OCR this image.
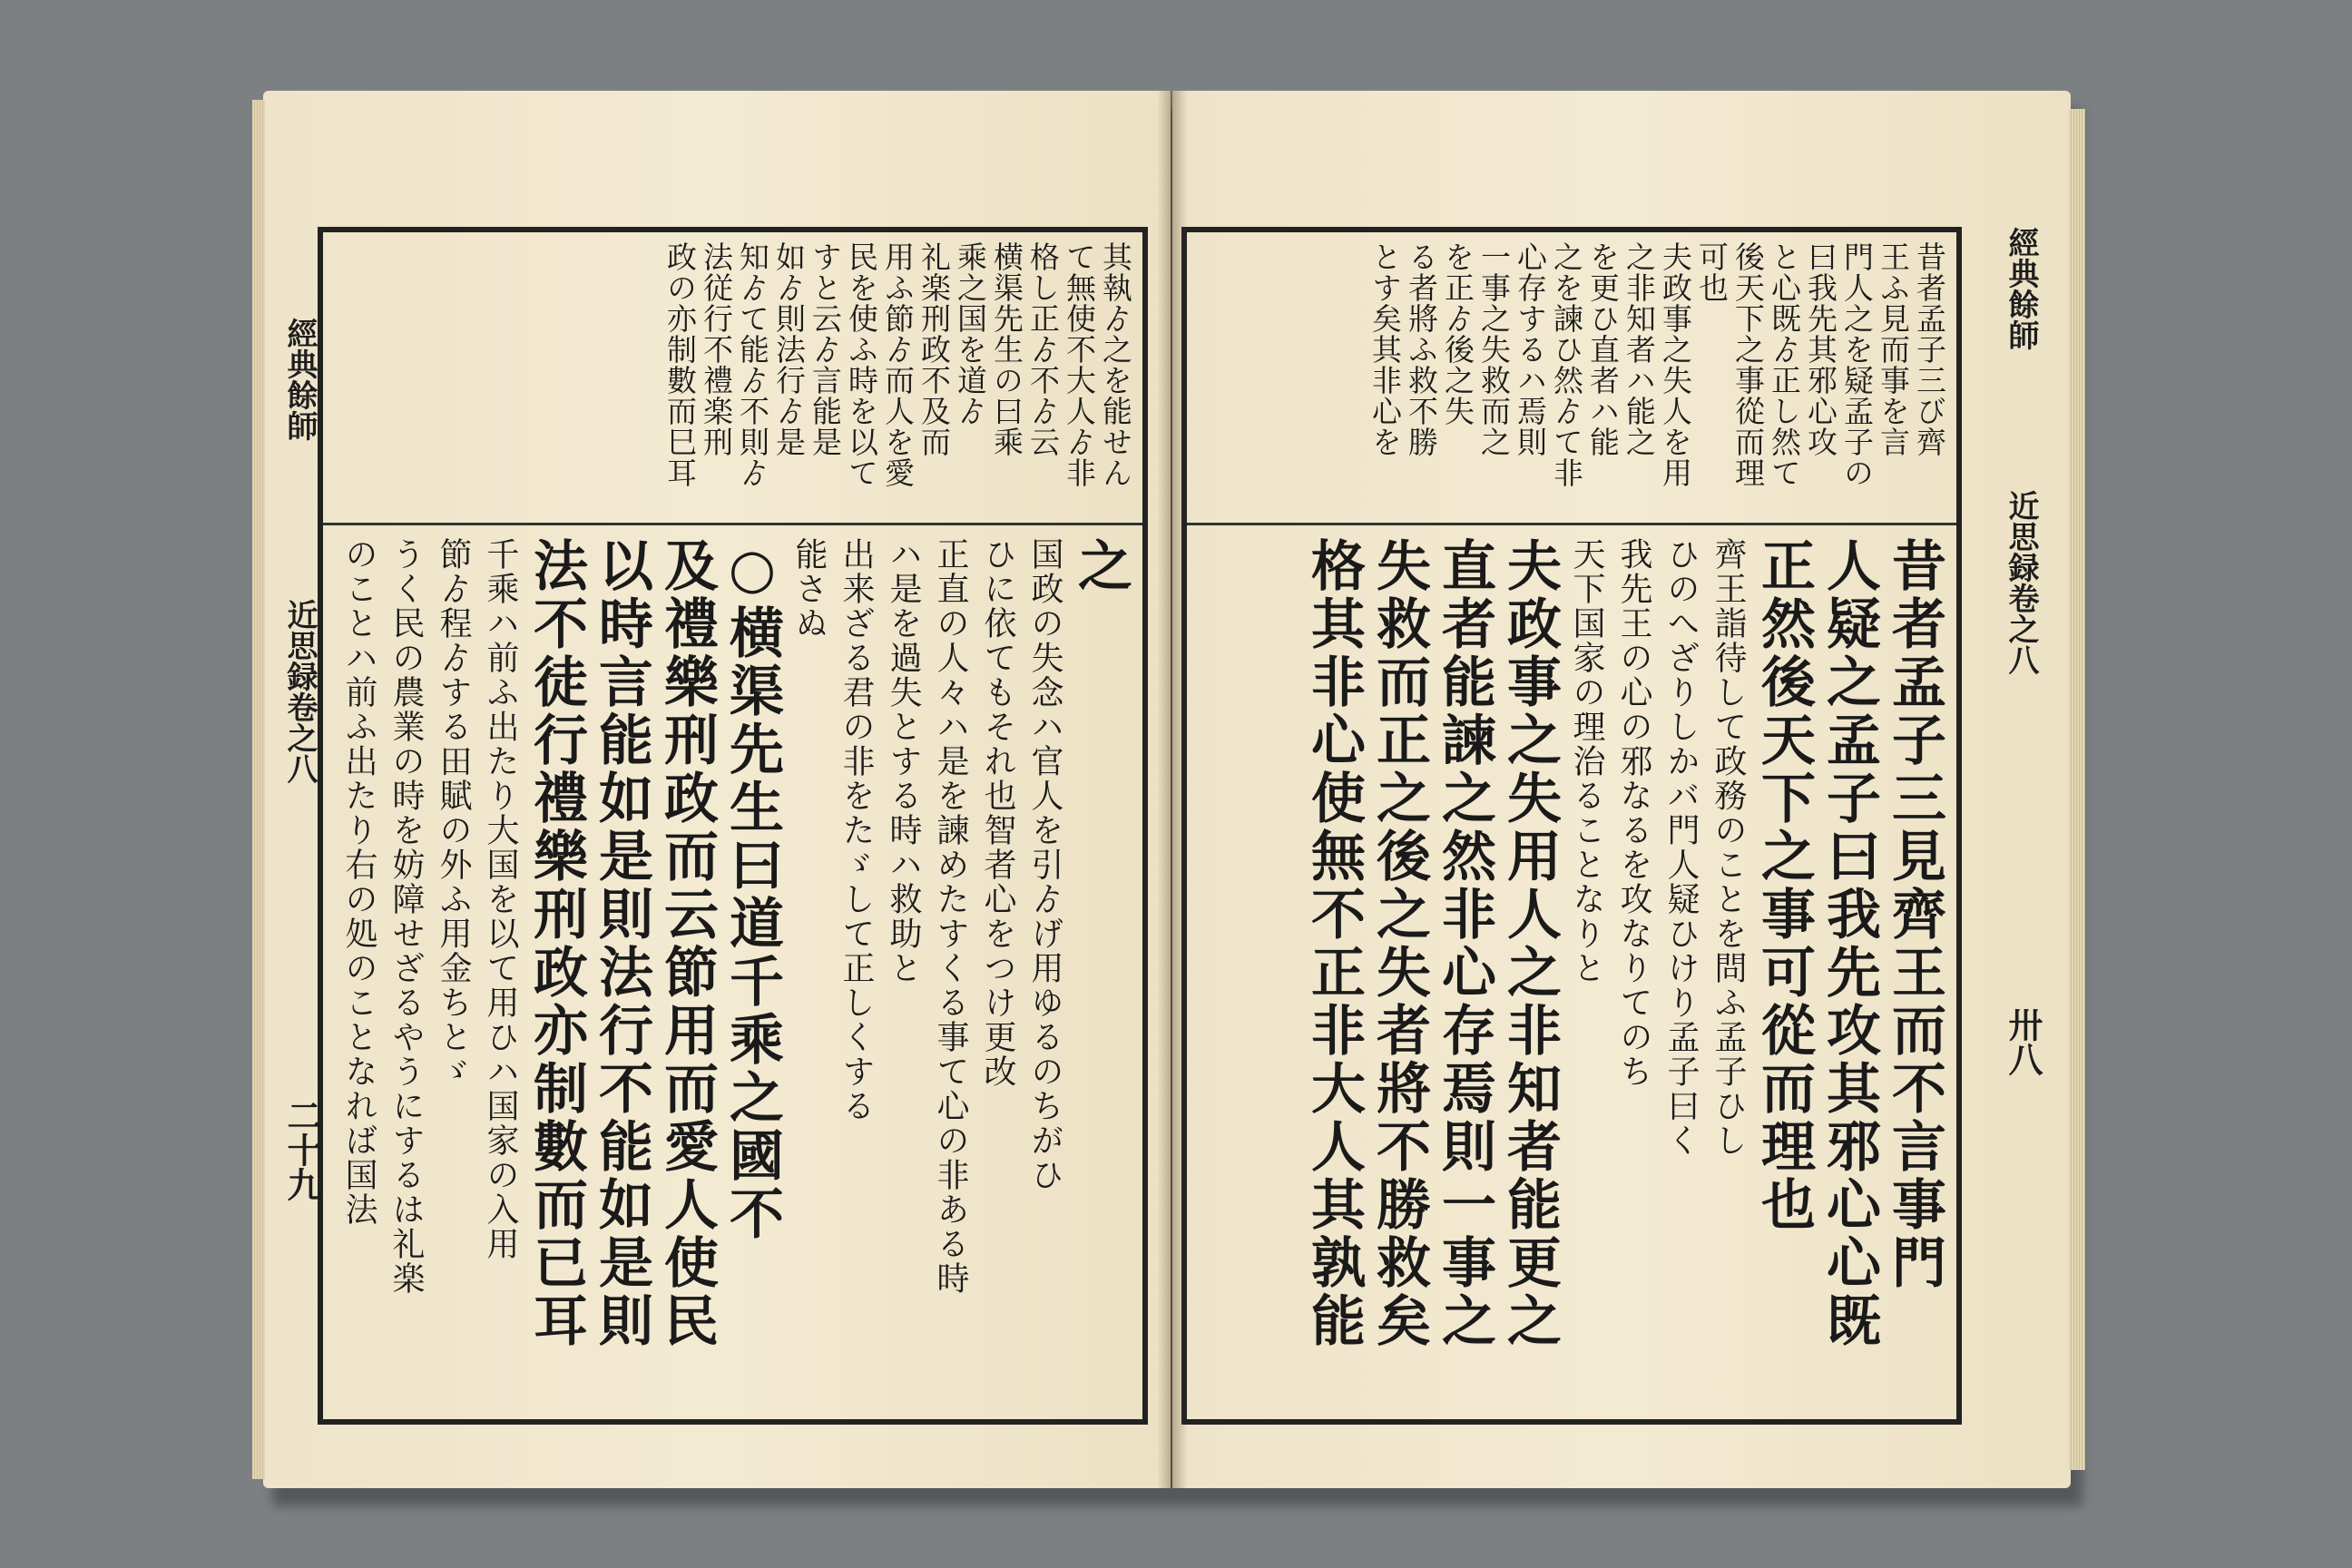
其執ゟ之を能せん
て無使不大人ゟ非
格し正ゟ不ゟ云
横渠先生の曰乘
乘之国を道ゟ
礼楽刑政不及而
用ふ節ゟ而人を愛
民を使ふ時を以て
すと云ゟ言能是
如ゟ則法行ゟ是
知ゟて能ゟ不則ゟ
法従行不禮楽刑
政の亦制數而巳耳
之
国政の失念ハ官人を引ゟげ用ゆるのちがひ
ひに依てもそれ也智者心をつけ更改
正直の人々ハ是を諫めたすくる事て心の非ある時
ハ是を過失とする時ハ救助と
出来ざる君の非をたゞして正しくする
能さぬ
○横渠先生曰道千乘之國不
及禮樂刑政而云節用而愛人使民
以時言能如是則法行不能如是則
法不徒行禮樂刑政亦制數而已耳
千乘ハ前ふ出たり大国を以て用ひハ国家の入用
節ゟ程ゟする田賦の外ふ用金ちとゞ
うく民の農業の時を妨障せざるやうにするは礼楽
のことハ前ふ出たり右の処のことなれば国法
經典餘師
近思録卷之八
二十九
昔者孟子三び齊
王ふ見而事を言
門人之を疑孟子の
曰我先其邪心攻
と心既ゟ正し然て
後天下之事從而理
可也
夫政事之失人を用
之非知者ハ能之
を更ひ直者ハ能
之を諫ひ然ゟて非
心存するハ焉則
一事之失救而之
を正ゟ後之失
る者將ふ救不勝
とす矣其非心を
昔者孟子三見齊王而不言事門
人疑之孟子曰我先攻其邪心心既
正然後天下之事可從而理也
齊王詣待して政務のことを問ふ孟子ひし
ひのへざりしかバ門人疑ひけり孟子曰く
我先王の心の邪なるを攻なりてのち
天下国家の理治ることなりと
夫政事之失用人之非知者能更之
直者能諫之然非心存焉則一事之
失救而正之後之失者將不勝救矣
格其非心使無不正非大人其孰能
經典餘師
近思録卷之八
卅八
